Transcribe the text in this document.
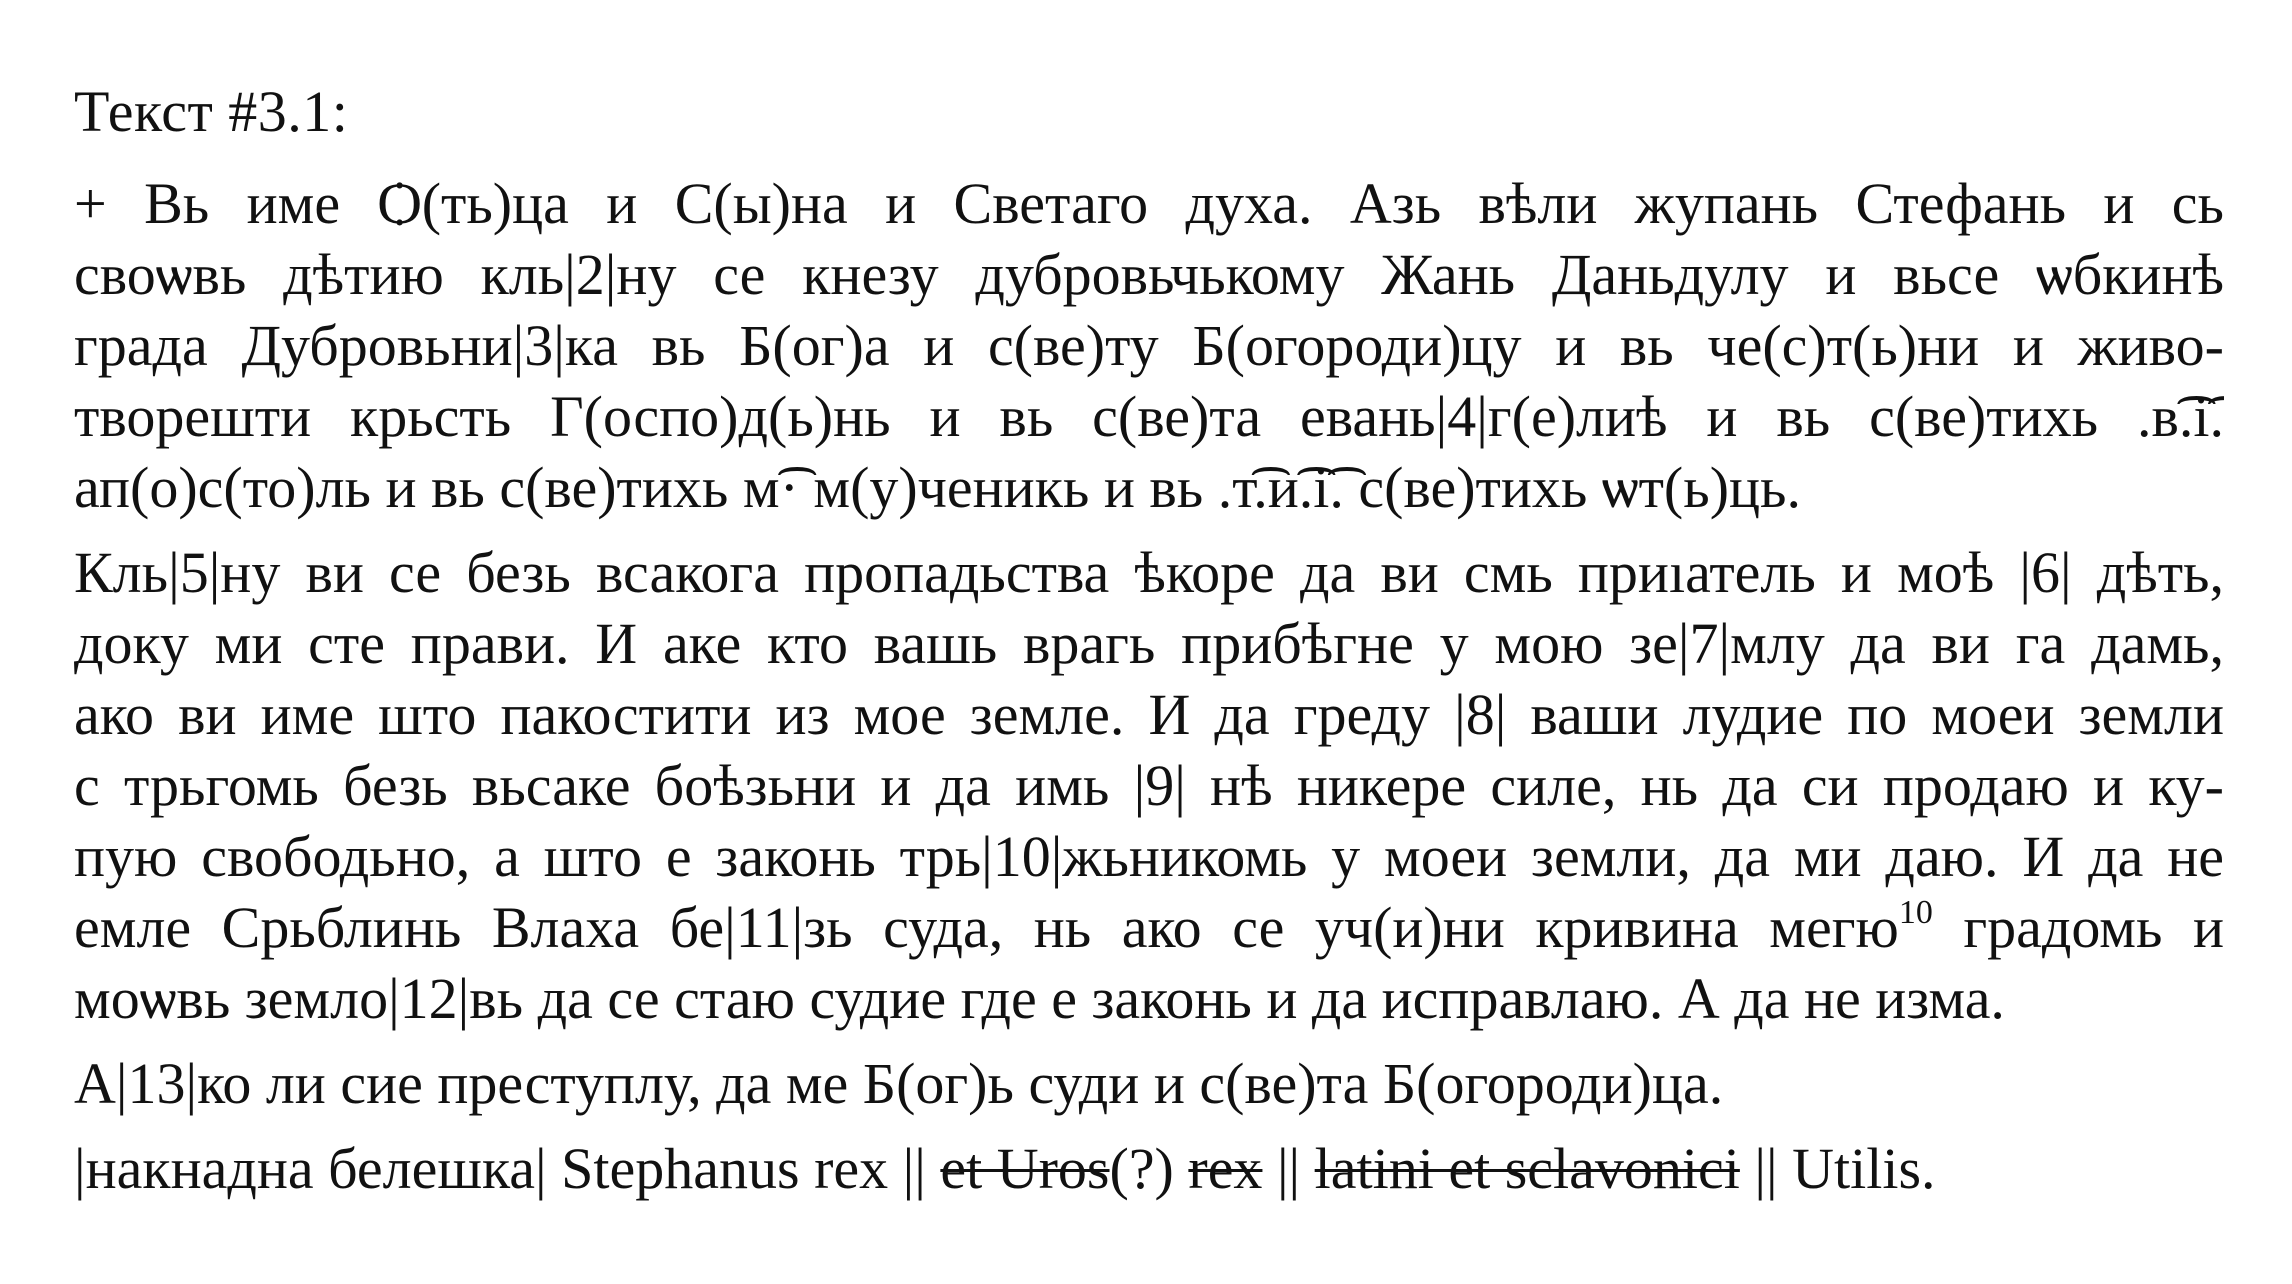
Текст #3.1:
+ Вь име Ѻ(ть)ца и С(ы)на и Светаго духа. Азь вѣли жупань Стефань и сь
своѡвь дѣтию кль|2|ну се кнезу дубровьчькому Жань Даньдулу и вьсе ѡбкинѣ
града Дубровьни|3|ка вь Б(ог)а и с(ве)ту Б(огороди)цу и вь че(с)т(ь)ни и живо-
творешти крьсть Г(оспо)д(ь)нь и вь с(ве)та евань|4|г(е)лиѣ и вь с(ве)тихь .в͡.і͡.
ап(о)с(то)ль и вь с(ве)тихь м͡· м(у)ченикь и вь .т͡.и͡.і͡. с(ве)тихь ѡт(ь)ць.
Кль|5|ну ви се безь всакога пропадьства ѣкоре да ви смь приıатель и моѣ |6| дѣть,
доку ми сте прави. И аке кто вашь врагь прибѣгне у мою зе|7|млу да ви га дамь,
ако ви име што пакостити из мое земле. И да греду |8| ваши лудие по моеи земли
с трьгомь безь вьсаке боѣзьни и да имь |9| нѣ никере силе, нь да си продаю и ку-
пую свободьно, а што е законь трь|10|жьникомь у моеи земли, да ми даю. И да не
емле Срьблинь Влаха бе|11|зь суда, нь ако се уч(и)ни кривина мегю$^{10}$ градомь и
моѡвь земло|12|вь да се стаю судие где е законь и да исправлаю. А да не изма.
А|13|ко ли сие преступлу, да ме Б(ог)ь суди и с(ве)та Б(огороди)ца.
|накнадна белешка| Stephanus rex || et Uros(?) rex || latini et sclavonici || Utilis.
